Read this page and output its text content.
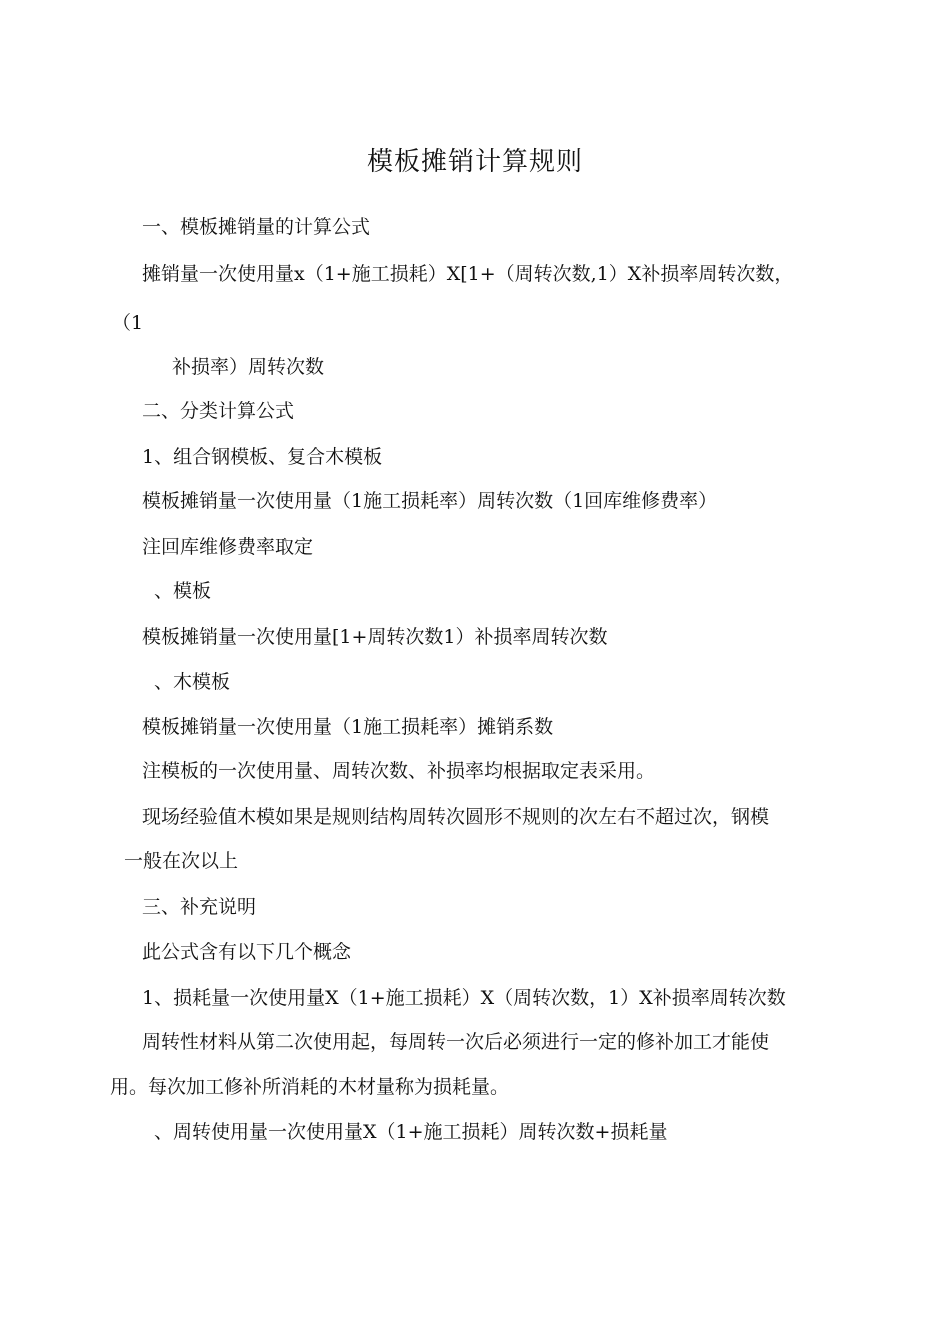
模板摊销计算规则
一、模板摊销量的计算公式
摊销量一次使用量x（1+施工损耗）X[1+（周转次数,1）X补损率周转次数，
（1
补损率）周转次数
二、分类计算公式
1、组合钢模板、复合木模板
模板摊销量一次使用量（1施工损耗率）周转次数（1回库维修费率）
注回库维修费率取定
、模板
模板摊销量一次使用量[1+周转次数1）补损率周转次数
、木模板
模板摊销量一次使用量（1施工损耗率）摊销系数
注模板的一次使用量、周转次数、补损率均根据取定表采用。
现场经验值木模如果是规则结构周转次圆形不规则的次左右不超过次，钢模
一般在次以上
三、补充说明
此公式含有以下几个概念
1、损耗量一次使用量X（1+施工损耗）X（周转次数，1）X补损率周转次数
周转性材料从第二次使用起，每周转一次后必须进行一定的修补加工才能使
用。每次加工修补所消耗的木材量称为损耗量。
、周转使用量一次使用量X（1+施工损耗）周转次数+损耗量
